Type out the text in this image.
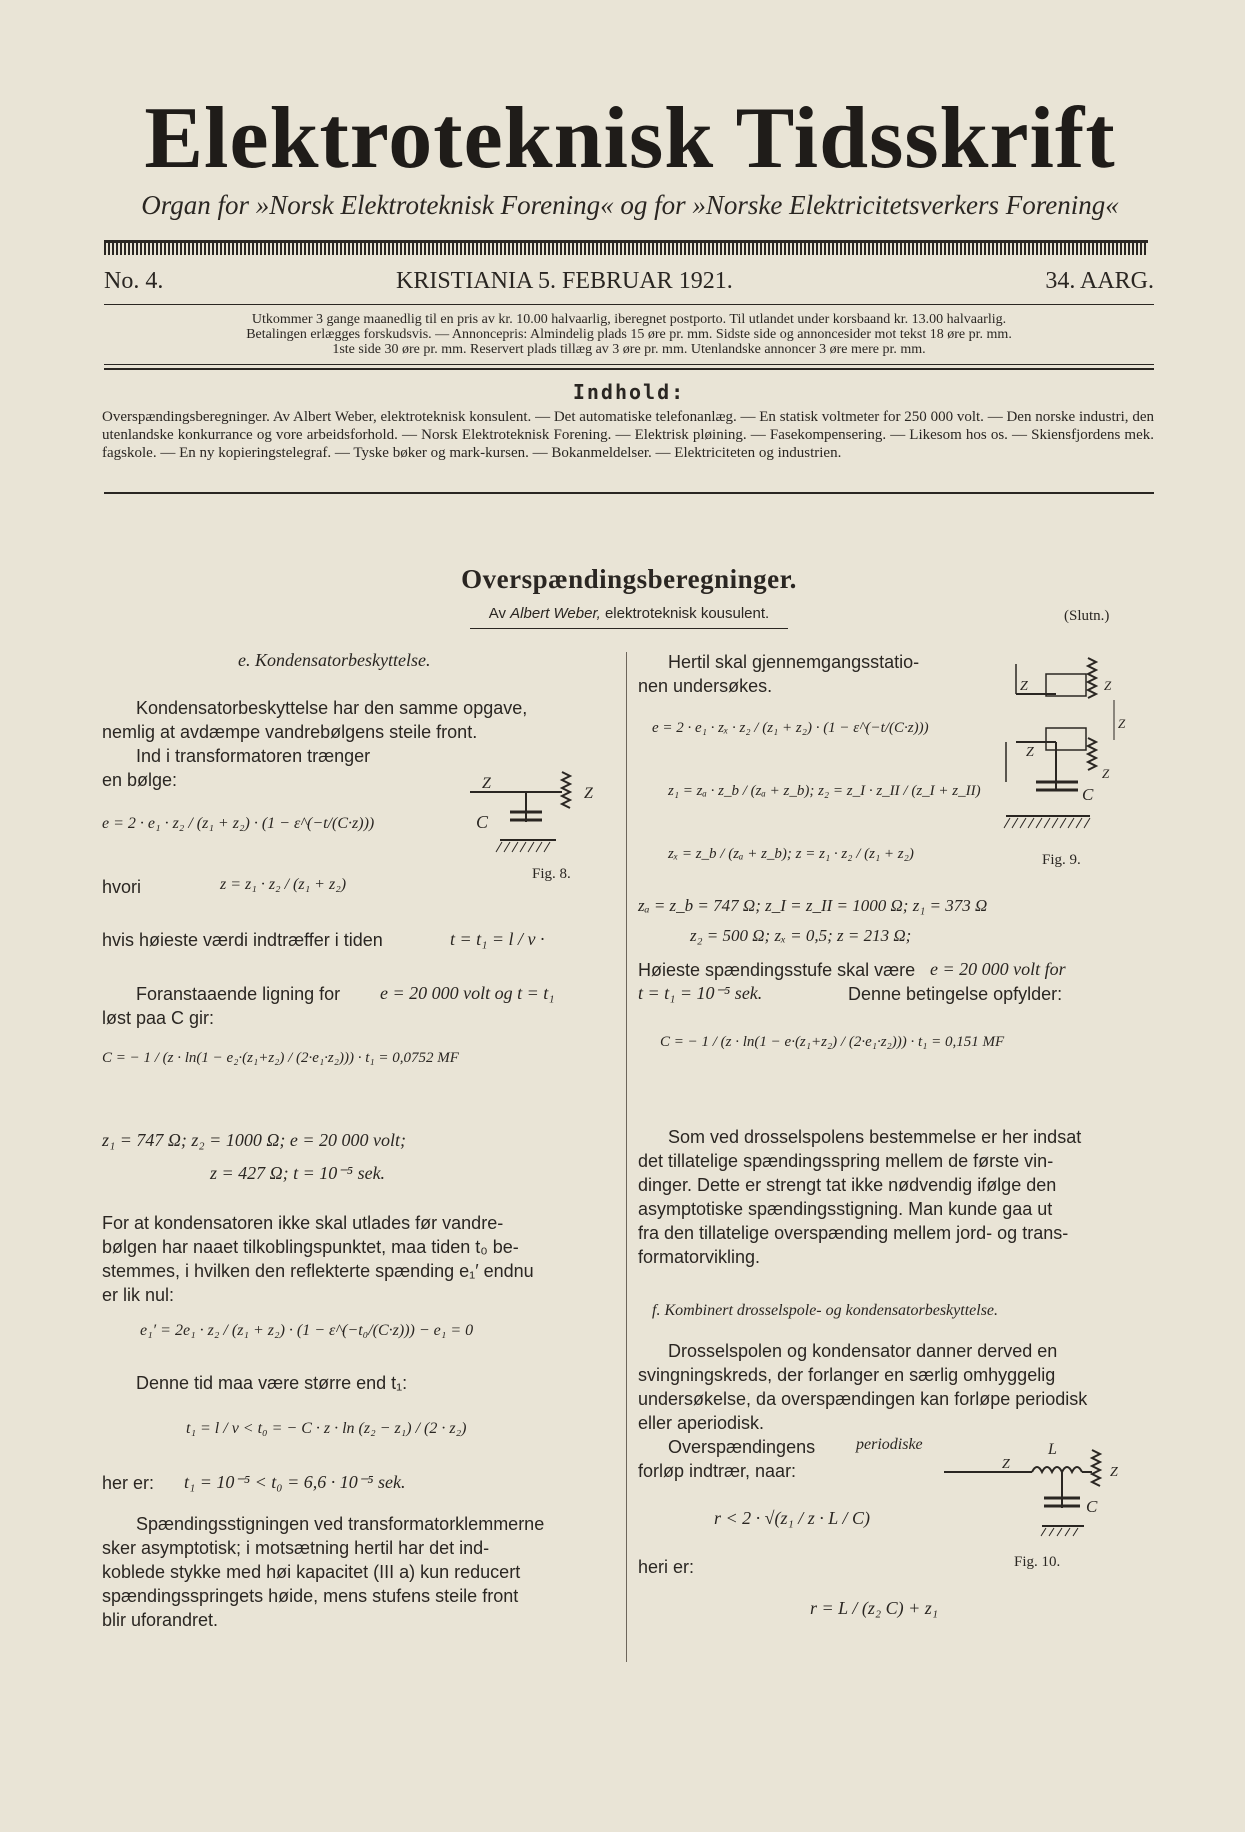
Elektroteknisk Tidsskrift
Organ for »Norsk Elektroteknisk Forening« og for »Norske Elektricitetsverkers Forening«
No. 4.	KRISTIANIA 5. FEBRUAR 1921.	34. AARG.
Utkommer 3 gange maanedlig til en pris av kr. 10.00 halvaarlig, iberegnet postporto. Til utlandet under korsbaand kr. 13.00 halvaarlig.
Betalingen erlægges forskudsvis. — Annoncepris: Almindelig plads 15 øre pr. mm. Sidste side og annoncesider mot tekst 18 øre pr. mm.
1ste side 30 øre pr. mm. Reservert plads tillæg av 3 øre pr. mm. Utenlandske annoncer 3 øre mere pr. mm.
Indhold:
Overspændingsberegninger. Av Albert Weber, elektroteknisk konsulent. — Det automatiske telefonanlæg. — En statisk voltmeter for 250 000 volt. — Den norske industri, den utenlandske konkurrance og vore arbeidsforhold. — Norsk Elektroteknisk Forening. — Elektrisk pløining. — Fasekompensering. — Likesom hos os. — Skiensfjordens mek. fagskole. — En ny kopieringstelegraf. — Tyske bøker og mark-kursen. — Bokanmeldelser. — Elektriciteten og industrien.
Overspændingsberegninger.
Av Albert Weber, elektroteknisk kousulent.	(Slutn.)
e. Kondensatorbeskyttelse.
Kondensatorbeskyttelse har den samme opgave,
nemlig at avdæmpe vandrebølgens steile front.
Ind i transformatoren trænger
en bølge:
e = 2 · e₁ · z₂ / (z₁ + z₂) · (1 − ε^(−t/(C·z)))
hvori	z = z₁ · z₂ / (z₁ + z₂)
hvis høieste værdi indtræffer i tiden	t = t₁ = l / v ·
Foranstaaende ligning for e = 20 000 volt og t = t₁
løst paa C gir:
C = − 1 / (z · ln(1 − e₂·(z₁+z₂) / (2·e₁·z₂))) · t₁ = 0,0752 MF
z₁ = 747 Ω; z₂ = 1000 Ω; e = 20 000 volt;
z = 427 Ω; t = 10⁻⁵ sek.
For at kondensatoren ikke skal utlades før vandre-
bølgen har naaet tilkoblingspunktet, maa tiden t₀ be-
stemmes, i hvilken den reflekterte spænding e₁′ endnu
er lik nul:
e₁′ = 2e₁ · z₂ / (z₁ + z₂) · (1 − ε^(−t₀/(C·z))) − e₁ = 0
Denne tid maa være større end t₁:
t₁ = l / v < t₀ = − C · z · ln (z₂ − z₁) / (2 · z₂)
her er: t₁ = 10⁻⁵ < t₀ = 6,6 · 10⁻⁵ sek.
Spændingsstigningen ved transformatorklemmerne
sker asymptotisk; i motsætning hertil har det ind-
koblede stykke med høi kapacitet (III a) kun reducert
spændingsspringets høide, mens stufens steile front
blir uforandret.
Z
C
Z
Fig. 8.
Hertil skal gjennemgangsstatio-
nen undersøkes.
e = 2 · e₁ · zₓ · z₂ / (z₁ + z₂) · (1 − ε^(−t/(C·z)))
z₁ = zₐ · z_b / (zₐ + z_b); z₂ = z_I · z_II / (z_I + z_II)
zₓ = z_b / (zₐ + z_b); z = z₁ · z₂ / (z₁ + z₂)
zₐ = z_b = 747 Ω; z_I = z_II = 1000 Ω; z₁ = 373 Ω
z₂ = 500 Ω; zₓ = 0,5; z = 213 Ω;
Høieste spændingsstufe skal være e = 20 000 volt for
t = t₁ = 10⁻⁵ sek.	Denne betingelse opfylder:
C = − 1 / (z · ln(1 − e·(z₁+z₂) / (2·e₁·z₂))) · t₁ = 0,151 MF
Som ved drosselspolens bestemmelse er her indsat
det tillatelige spændingsspring mellem de første vin-
dinger. Dette er strengt tat ikke nødvendig ifølge den
asymptotiske spændingsstigning. Man kunde gaa ut
fra den tillatelige overspænding mellem jord- og trans-
formatorvikling.
f. Kombinert drosselspole- og kondensatorbeskyttelse.
Drosselspolen og kondensator danner derved en
svingningskreds, der forlanger en særlig omhyggelig
undersøkelse, da overspændingen kan forløpe periodisk
eller aperiodisk.
Overspændingens	periodiske
forløp indtrær, naar:
r < 2 · √(z₁ / z · L / C)
heri er:
r = L / (z₂ C) + z₁
Z	Z
Z
Z
Z
C
Fig. 9.
L
Z
Z
C
Fig. 10.
